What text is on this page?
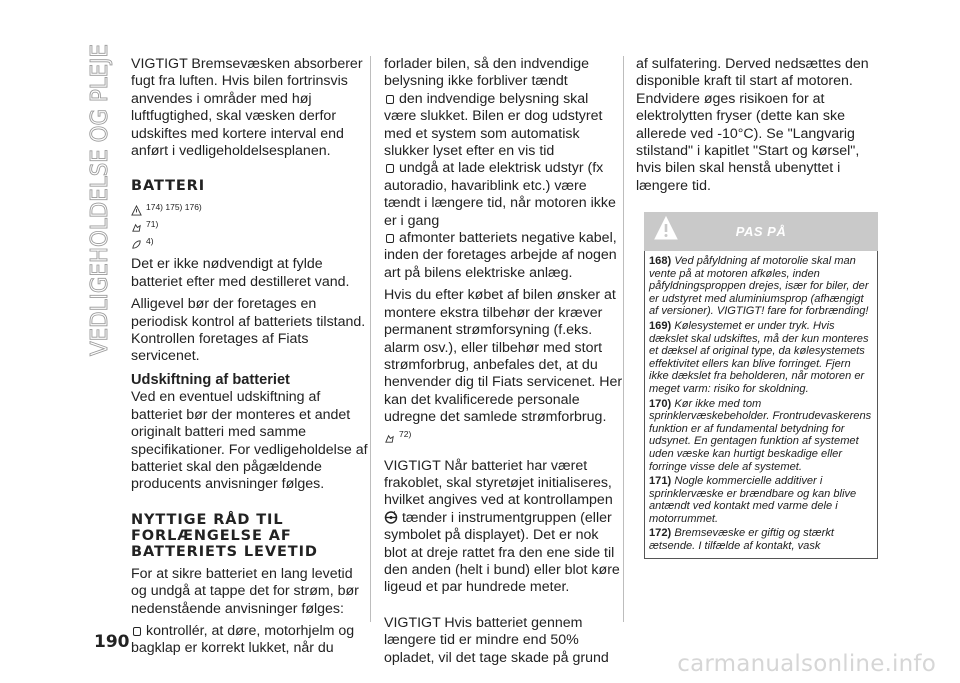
VEDLIGEHOLDELSE OG PLEJE VIGTIGT Bremsevæsken absorberer fugt fra luften. Hvis bilen fortrinsvis anvendes i områder med høj luftfugtighed, skal væsken derfor udskiftes med kortere interval end anført i vedligeholdelsesplanen.

BATTERI
174) 175) 176)
71)
4)

Det er ikke nødvendigt at fylde batteriet efter med destilleret vand.

Alligevel bør der foretages en periodisk kontrol af batteriets tilstand. Kontrollen foretages af Fiats servicenet.

Udskiftning af batteriet

Ved en eventuel udskiftning af batteriet bør der monteres et andet originalt batteri med samme specifikationer. For vedligeholdelse af batteriet skal den pågældende producents anvisninger følges.

NYTTIGE RÅD TIL FORLÆNGELSE AF BATTERIETS LEVETID

For at sikre batteriet en lang levetid og undgå at tappe det for strøm, bør nedenstående anvisninger følges:

kontrollér, at døre, motorhjelm og bagklap er korrekt lukket, når du

forlader bilen, så den indvendige belysning ikke forbliver tændt

den indvendige belysning skal være slukket. Bilen er dog udstyret med et system som automatisk slukker lyset efter en vis tid

undgå at lade elektrisk udstyr (fx autoradio, havariblink etc.) være tændt i længere tid, når motoren ikke er i gang

afmonter batteriets negative kabel, inden der foretages arbejde af nogen art på bilens elektriske anlæg.

Hvis du efter købet af bilen ønsker at montere ekstra tilbehør der kræver permanent strømforsyning (f.eks. alarm osv.), eller tilbehør med stort strømforbrug, anbefales det, at du henvender dig til Fiats servicenet. Her kan det kvalificerede personale udregne det samlede strømforbrug.

72)

VIGTIGT Når batteriet har været frakoblet, skal styretøjet initialiseres, hvilket angives ved at kontrollampen

! tænder i instrumentgruppen (eller symbolet på displayet). Det er nok blot at dreje rattet fra den ene side til den anden (helt i bund) eller blot køre ligeud et par hundrede meter.

VIGTIGT Hvis batteriet gennem længere tid er mindre end 50% opladet, vil det tage skade på grund

af sulfatering. Derved nedsættes den disponible kraft til start af motoren. Endvidere øges risikoen for at elektrolytten fryser (dette kan ske allerede ved -10°C). Se "Langvarig stilstand" i kapitlet "Start og kørsel", hvis bilen skal henstå ubenyttet i længere tid.

PAS PÅ

168) Ved påfyldning af motorolie skal man vente på at motoren afkøles, inden påfyldningsproppen drejes, især for biler, der er udstyret med aluminiumsprop (afhængigt af versioner). VIGTIGT! fare for forbrænding!

169) Kølesystemet er under tryk. Hvis dækslet skal udskiftes, må der kun monteres et dæksel af original type, da kølesystemets effektivitet ellers kan blive forringet. Fjern ikke dækslet fra beholderen, når motoren er meget varm: risiko for skoldning.

170) Kør ikke med tom sprinklervæskebeholder. Frontrudevaskerens funktion er af fundamental betydning for udsynet. En gentagen funktion af systemet uden væske kan hurtigt beskadige eller forringe visse dele af systemet.

171) Nogle kommercielle additiver i sprinklervæske er brændbare og kan blive antændt ved kontakt med varme dele i motorrummet.

172) Bremsevæske er giftig og stærkt ætsende. I tilfælde af kontakt, vask

190
carmanualsonline.info
